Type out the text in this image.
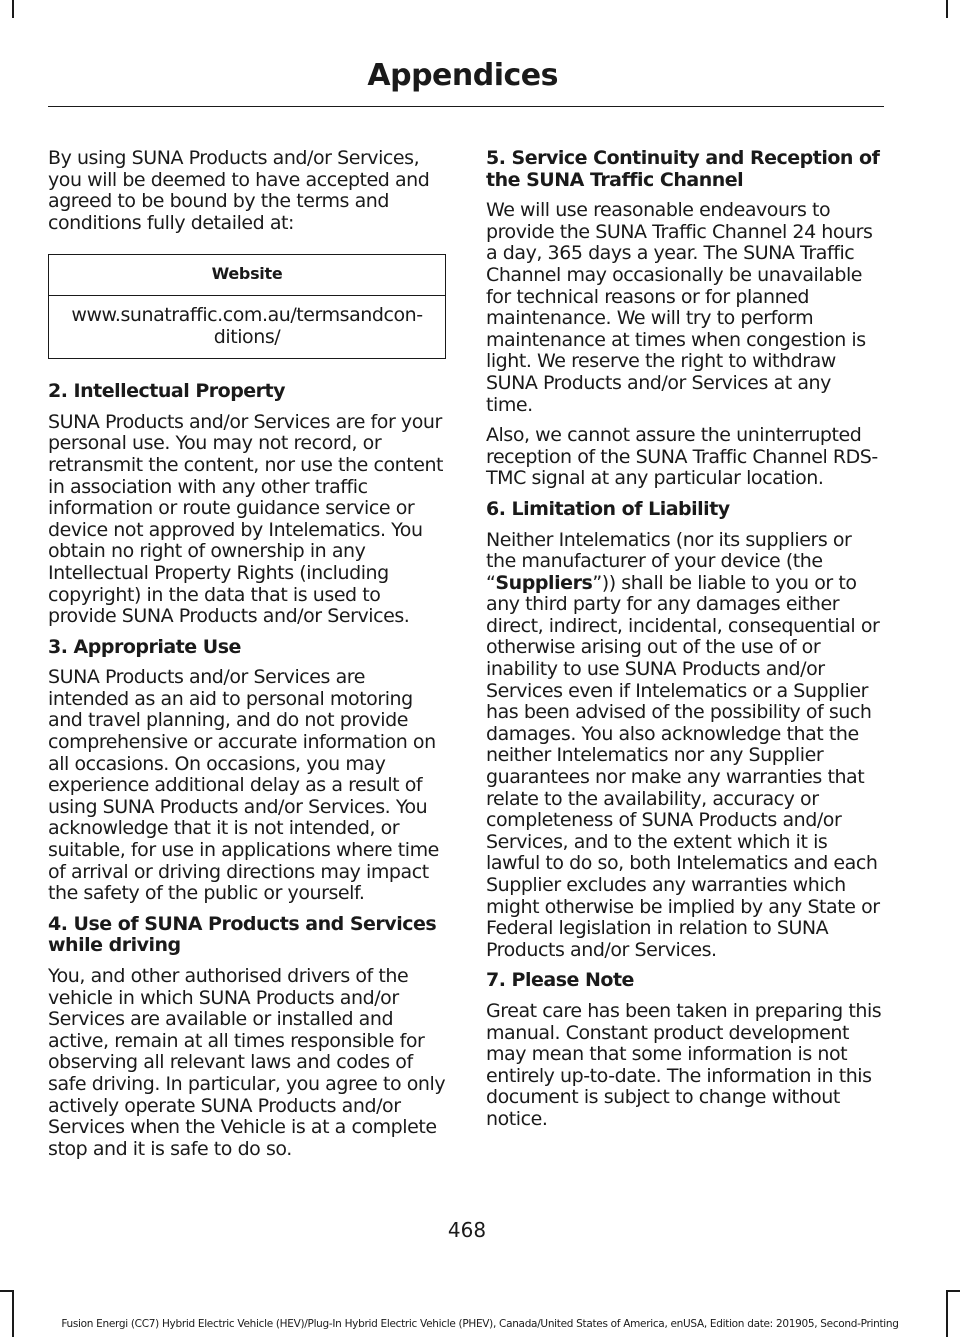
Appendices

By using SUNA Products and/or Services, you will be deemed to have accepted and agreed to be bound by the terms and conditions fully detailed at:

Website
www.sunatraffic.com.au/termsandcon-ditions/
2. Intellectual Property

SUNA Products and/or Services are for your personal use. You may not record, or retransmit the content, nor use the content in association with any other traffic information or route guidance service or device not approved by Intelematics. You obtain no right of ownership in any Intellectual Property Rights (including copyright) in the data that is used to provide SUNA Products and/or Services.

3. Appropriate Use

SUNA Products and/or Services are intended as an aid to personal motoring and travel planning, and do not provide comprehensive or accurate information on all occasions. On occasions, you may experience additional delay as a result of using SUNA Products and/or Services. You acknowledge that it is not intended, or suitable, for use in applications where time of arrival or driving directions may impact the safety of the public or yourself.

4. Use of SUNA Products and Services while driving

You, and other authorised drivers of the vehicle in which SUNA Products and/or Services are available or installed and active, remain at all times responsible for observing all relevant laws and codes of safe driving. In particular, you agree to only actively operate SUNA Products and/or Services when the Vehicle is at a complete stop and it is safe to do so.

5. Service Continuity and Reception of the SUNA Traffic Channel

We will use reasonable endeavours to provide the SUNA Traffic Channel 24 hours a day, 365 days a year. The SUNA Traffic Channel may occasionally be unavailable for technical reasons or for planned maintenance. We will try to perform maintenance at times when congestion is light. We reserve the right to withdraw SUNA Products and/or Services at any time.

Also, we cannot assure the uninterrupted reception of the SUNA Traffic Channel RDS-TMC signal at any particular location.

6. Limitation of Liability

Neither Intelematics (nor its suppliers or the manufacturer of your device (the “Suppliers”)) shall be liable to you or to any third party for any damages either direct, indirect, incidental, consequential or otherwise arising out of the use of or inability to use SUNA Products and/or Services even if Intelematics or a Supplier has been advised of the possibility of such damages. You also acknowledge that the neither Intelematics nor any Supplier guarantees nor make any warranties that relate to the availability, accuracy or completeness of SUNA Products and/or Services, and to the extent which it is lawful to do so, both Intelematics and each Supplier excludes any warranties which might otherwise be implied by any State or Federal legislation in relation to SUNA Products and/or Services.

7. Please Note

Great care has been taken in preparing this manual. Constant product development may mean that some information is not entirely up-to-date. The information in this document is subject to change without notice.

468
Fusion Energi (CC7) Hybrid Electric Vehicle (HEV)/Plug-In Hybrid Electric Vehicle (PHEV), Canada/United States of America, enUSA, Edition date: 201905, Second-Printing
